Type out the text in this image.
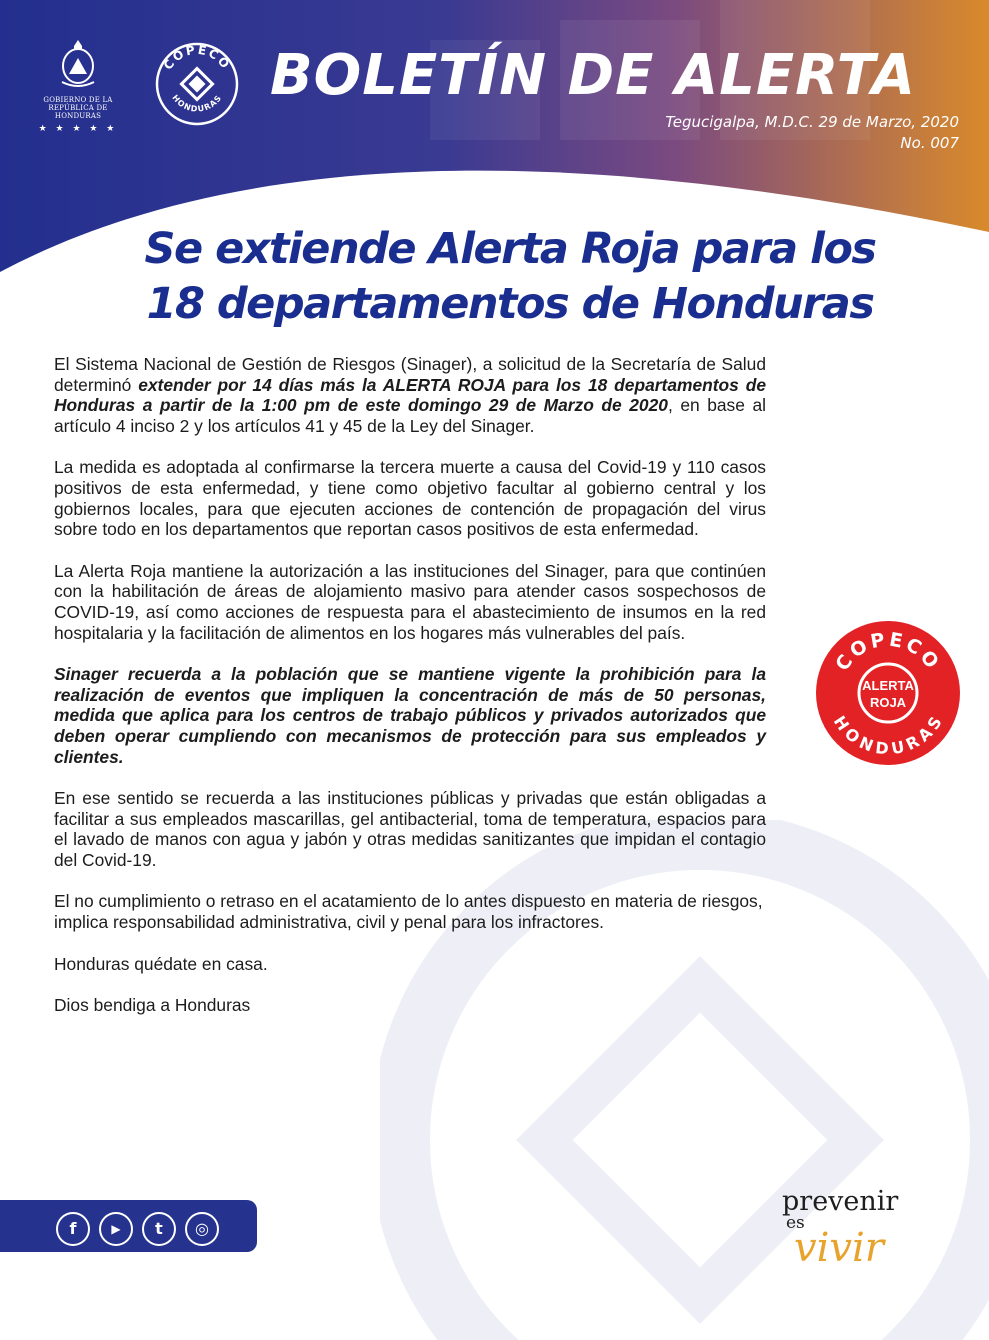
GOBIERNO DE LA
REPÚBLICA DE HONDURAS
★ ★ ★ ★ ★
COPECO
HONDURAS BOLETÍN DE ALERTA
Tegucigalpa, M.D.C. 29 de Marzo, 2020
No. 007
Se extiende Alerta Roja para los
18 departamentos de Honduras

El Sistema Nacional de Gestión de Riesgos (Sinager), a solicitud de la Secretaría de Salud determinó extender por 14 días más la ALERTA ROJA para los 18 departamentos de Honduras a partir de la 1:00 pm de este domingo 29 de Marzo de 2020, en base al artículo 4 inciso 2 y los artículos 41 y 45 de la Ley del Sinager.

La medida es adoptada al confirmarse la tercera muerte a causa del Covid-19 y 110 casos positivos de esta enfermedad, y tiene como objetivo facultar al gobierno central y los gobiernos locales, para que ejecuten acciones de contención de propagación del virus sobre todo en los departamentos que reportan casos positivos de esta enfermedad.

La Alerta Roja mantiene la autorización a las instituciones del Sinager, para que continúen con la habilitación de áreas de alojamiento masivo para atender casos sospechosos de COVID-19, así como acciones de respuesta para el abastecimiento de insumos en la red hospitalaria y la facilitación de alimentos en los hogares más vulnerables del país.

Sinager recuerda a la población que se mantiene vigente la prohibición para la realización de eventos que impliquen la concentración de más de 50 personas, medida que aplica para los centros de trabajo públicos y privados autorizados que deben operar cumpliendo con mecanismos de protección para sus empleados y clientes.

En ese sentido se recuerda a las instituciones públicas y privadas que están obligadas a facilitar a sus empleados mascarillas, gel antibacterial, toma de temperatura, espacios para el lavado de manos con agua y jabón y otras medidas sanitizantes que impidan el contagio del Covid-19.

El no cumplimiento o retraso en el acatamiento de lo antes dispuesto en materia de riesgos, implica responsabilidad administrativa, civil y penal para los infractores.

Honduras quédate en casa.

Dios bendiga a Honduras

COPECO
HONDURAS
ALERTA
ROJA
f	▶	t	◎
prevenir
es
vivir
